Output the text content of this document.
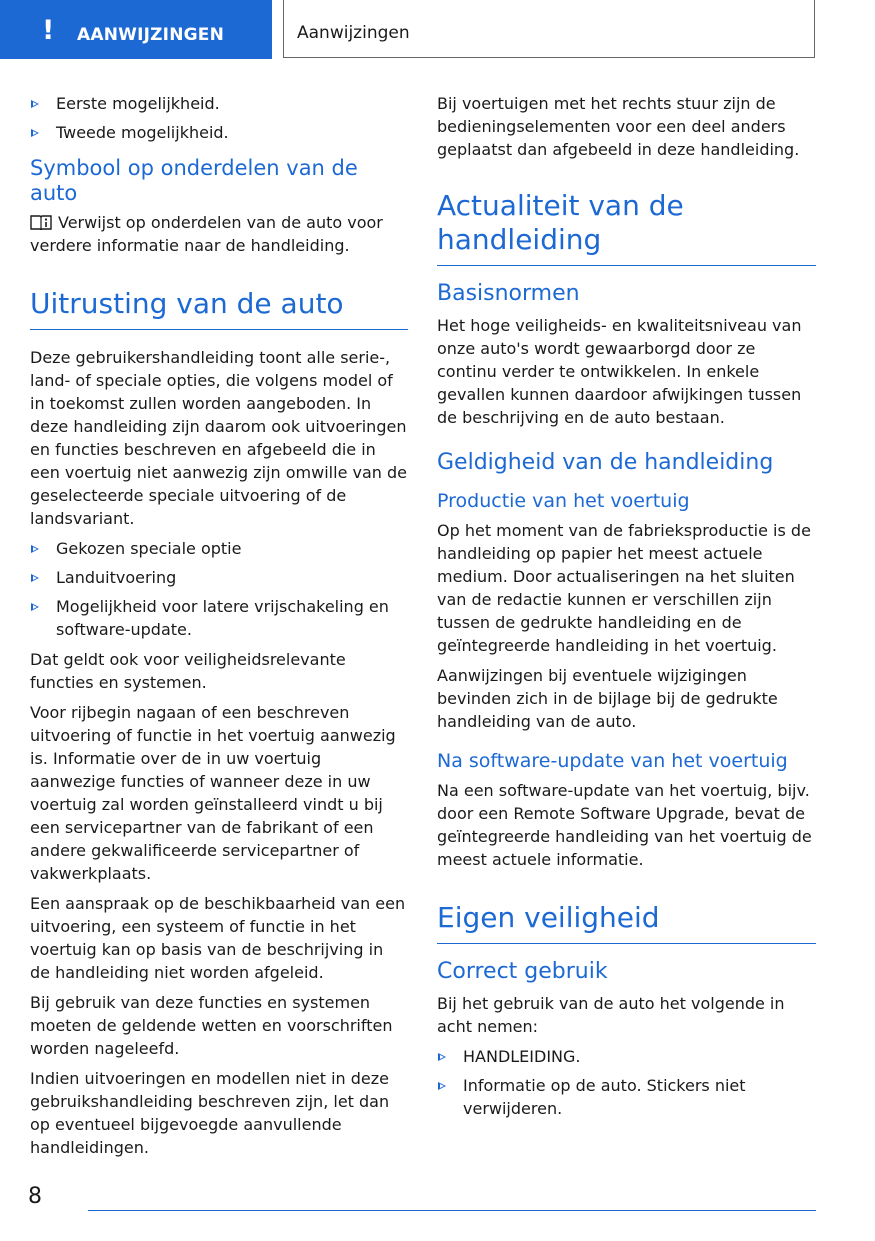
! AANWIJZINGEN	Aanwijzingen
Eerste mogelijkheid.
Tweede mogelijkheid.
Symbool op onderdelen van de auto

Verwijst op onderdelen van de auto voor verdere informatie naar de handleiding.

Uitrusting van de auto

Deze gebruikershandleiding toont alle serie-, land- of speciale opties, die volgens model of in toekomst zullen worden aangeboden. In deze handleiding zijn daarom ook uitvoeringen en functies beschreven en afgebeeld die in een voertuig niet aanwezig zijn omwille van de geselecteerde speciale uitvoering of de landsvariant.

Gekozen speciale optie
Landuitvoering
Mogelijkheid voor latere vrijschakeling en software-update.

Dat geldt ook voor veiligheidsrelevante functies en systemen.

Voor rijbegin nagaan of een beschreven uitvoering of functie in het voertuig aanwezig is. Informatie over de in uw voertuig aanwezige functies of wanneer deze in uw voertuig zal worden geïnstalleerd vindt u bij een servicepartner van de fabrikant of een andere gekwalificeerde servicepartner of vakwerkplaats.

Een aanspraak op de beschikbaarheid van een uitvoering, een systeem of functie in het voertuig kan op basis van de beschrijving in de handleiding niet worden afgeleid.

Bij gebruik van deze functies en systemen moeten de geldende wetten en voorschriften worden nageleefd.

Indien uitvoeringen en modellen niet in deze gebruikshandleiding beschreven zijn, let dan op eventueel bijgevoegde aanvullende handleidingen.

Bij voertuigen met het rechts stuur zijn de bedieningselementen voor een deel anders geplaatst dan afgebeeld in deze handleiding.

Actualiteit van de handleiding
Basisnormen

Het hoge veiligheids- en kwaliteitsniveau van onze auto's wordt gewaarborgd door ze continu verder te ontwikkelen. In enkele gevallen kunnen daardoor afwijkingen tussen de beschrijving en de auto bestaan.

Geldigheid van de handleiding
Productie van het voertuig

Op het moment van de fabrieksproductie is de handleiding op papier het meest actuele medium. Door actualiseringen na het sluiten van de redactie kunnen er verschillen zijn tussen de gedrukte handleiding en de geïntegreerde handleiding in het voertuig.

Aanwijzingen bij eventuele wijzigingen bevinden zich in de bijlage bij de gedrukte handleiding van de auto.

Na software-update van het voertuig

Na een software-update van het voertuig, bijv. door een Remote Software Upgrade, bevat de geïntegreerde handleiding van het voertuig de meest actuele informatie.

Eigen veiligheid
Correct gebruik

Bij het gebruik van de auto het volgende in acht nemen:

HANDLEIDING.
Informatie op de auto. Stickers niet verwijderen.
8
